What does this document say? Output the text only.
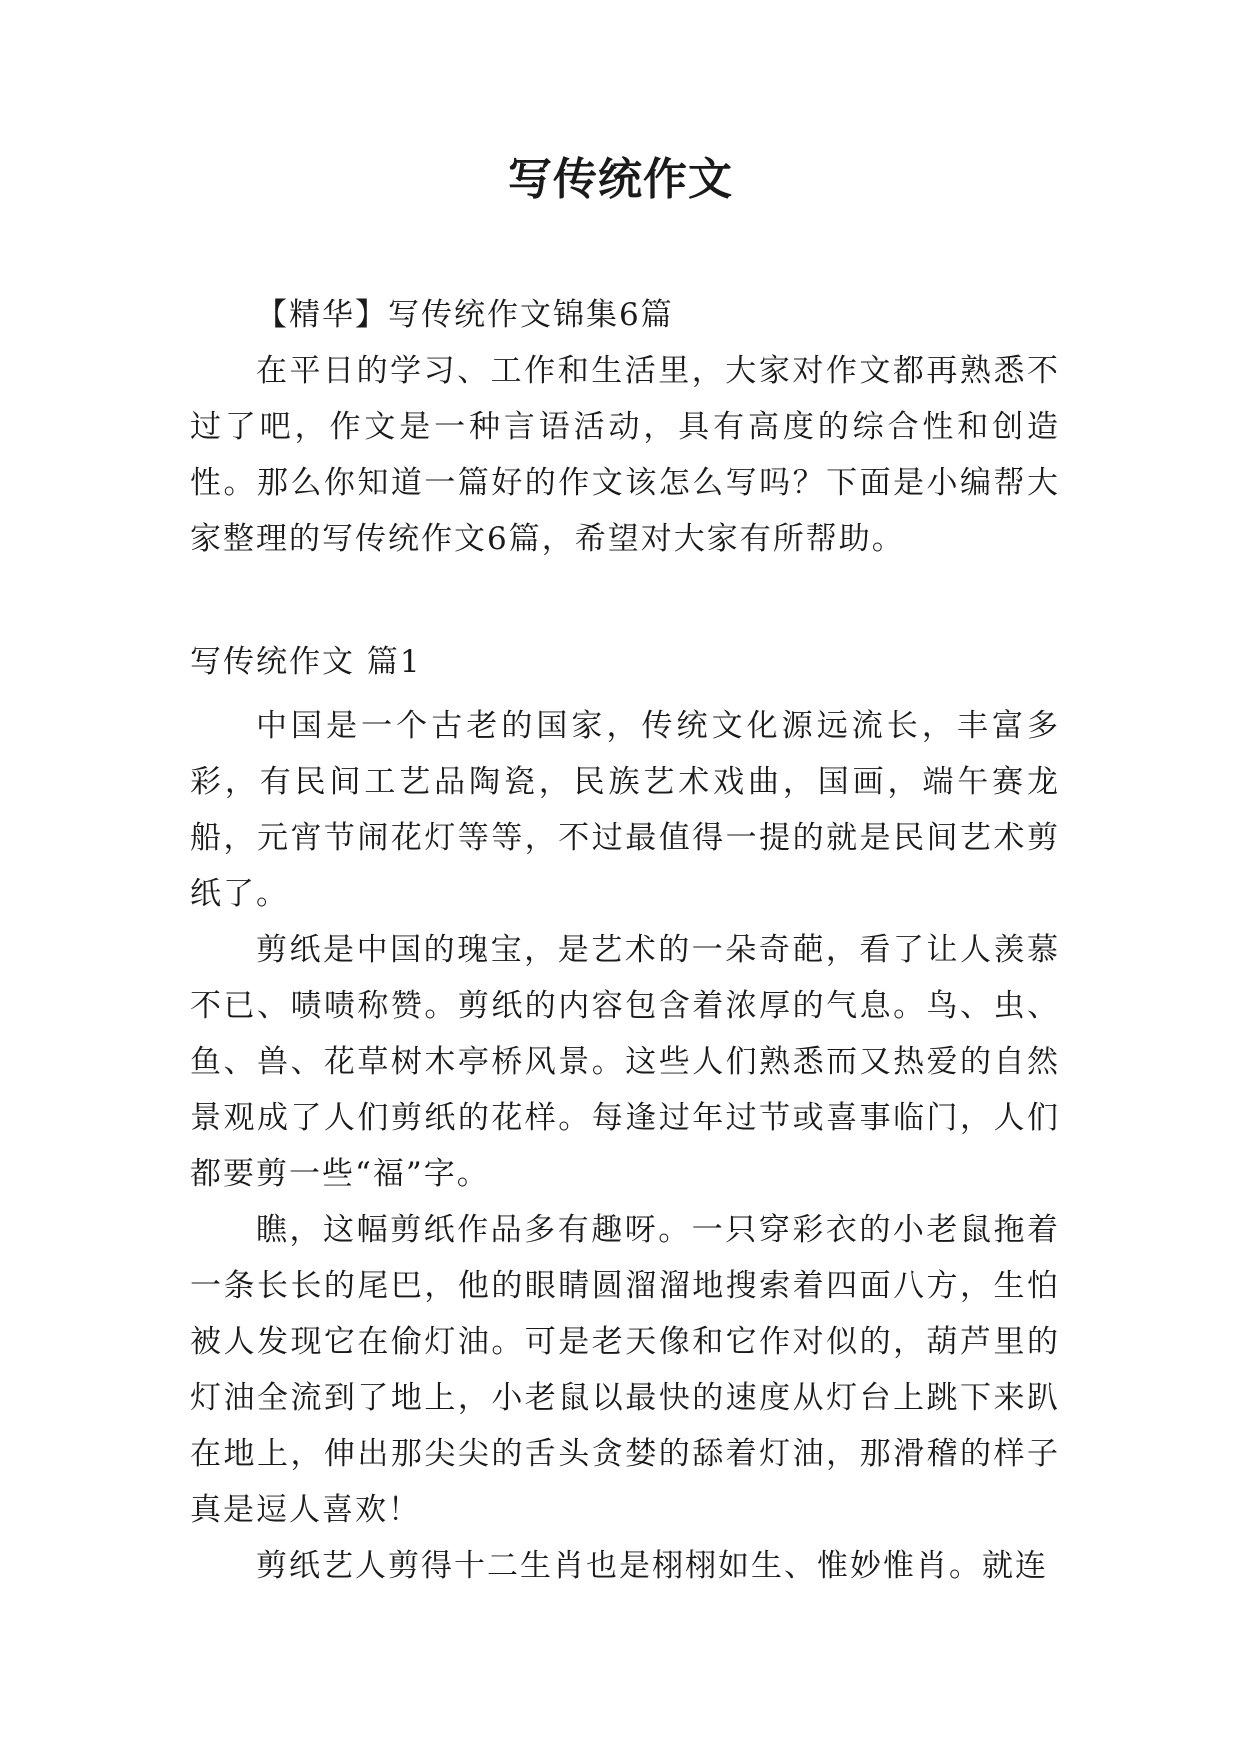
写传统作文

【精华】写传统作文锦集6篇

在平日的学习、工作和生活里，大家对作文都再熟悉不过了吧，作文是一种言语活动，具有高度的综合性和创造性。那么你知道一篇好的作文该怎么写吗？下面是小编帮大家整理的写传统作文6篇，希望对大家有所帮助。

写传统作文 篇1

中国是一个古老的国家，传统文化源远流长，丰富多彩，有民间工艺品陶瓷，民族艺术戏曲，国画，端午赛龙船，元宵节闹花灯等等，不过最值得一提的就是民间艺术剪纸了。

剪纸是中国的瑰宝，是艺术的一朵奇葩，看了让人羡慕不已、啧啧称赞。剪纸的内容包含着浓厚的气息。鸟、虫、鱼、兽、花草树木亭桥风景。这些人们熟悉而又热爱的自然景观成了人们剪纸的花样。每逢过年过节或喜事临门，人们都要剪一些“福”字。

瞧，这幅剪纸作品多有趣呀。一只穿彩衣的小老鼠拖着一条长长的尾巴，他的眼睛圆溜溜地搜索着四面八方，生怕被人发现它在偷灯油。可是老天像和它作对似的，葫芦里的灯油全流到了地上，小老鼠以最快的速度从灯台上跳下来趴在地上，伸出那尖尖的舌头贪婪的舔着灯油，那滑稽的样子真是逗人喜欢！

剪纸艺人剪得十二生肖也是栩栩如生、惟妙惟肖。就连
